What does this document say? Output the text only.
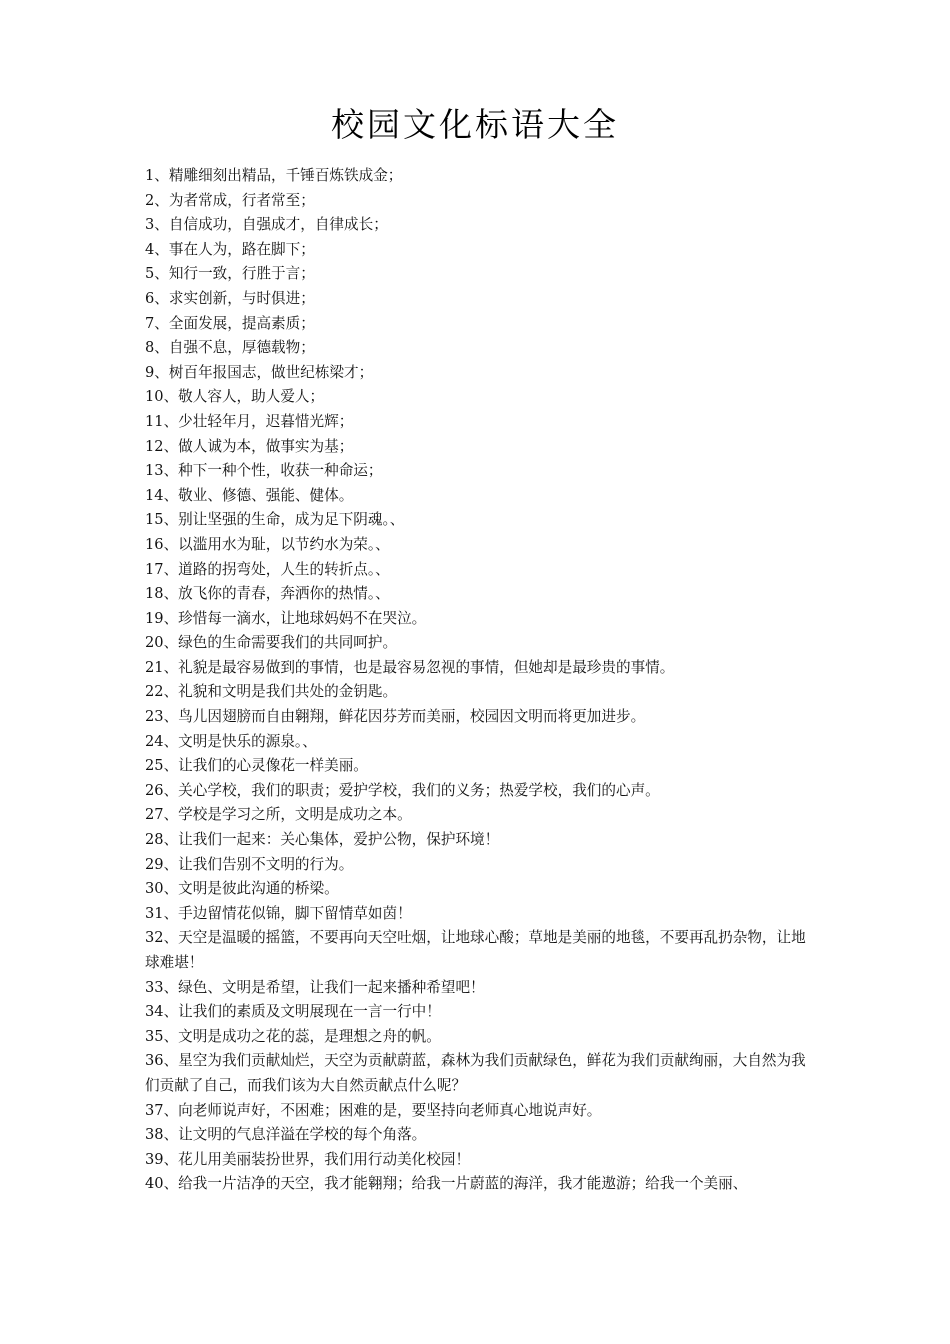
校园文化标语大全
1、精雕细刻出精品，千锤百炼铁成金；
2、为者常成，行者常至；
3、自信成功，自强成才，自律成长；
4、事在人为，路在脚下；
5、知行一致，行胜于言；
6、求实创新，与时俱进；
7、全面发展，提高素质；
8、自强不息，厚德载物；
9、树百年报国志，做世纪栋梁才；
10、敬人容人，助人爱人；
11、少壮轻年月，迟暮惜光辉；
12、做人诚为本，做事实为基；
13、种下一种个性，收获一种命运；
14、敬业、修德、强能、健体。
15、别让坚强的生命，成为足下阴魂。、
16、以滥用水为耻，以节约水为荣。、
17、道路的拐弯处，人生的转折点。、
18、放飞你的青春，奔洒你的热情。、
19、珍惜每一滴水，让地球妈妈不在哭泣。
20、绿色的生命需要我们的共同呵护。
21、礼貌是最容易做到的事情，也是最容易忽视的事情，但她却是最珍贵的事情。
22、礼貌和文明是我们共处的金钥匙。
23、鸟儿因翅膀而自由翱翔，鲜花因芬芳而美丽，校园因文明而将更加进步。
24、文明是快乐的源泉。、
25、让我们的心灵像花一样美丽。
26、关心学校，我们的职责；爱护学校，我们的义务；热爱学校，我们的心声。
27、学校是学习之所，文明是成功之本。
28、让我们一起来：关心集体，爱护公物，保护环境！
29、让我们告别不文明的行为。
30、文明是彼此沟通的桥梁。
31、手边留情花似锦，脚下留情草如茵！
32、天空是温暖的摇篮，不要再向天空吐烟，让地球心酸；草地是美丽的地毯，不要再乱扔杂物，让地球难堪！
33、绿色、文明是希望，让我们一起来播种希望吧！
34、让我们的素质及文明展现在一言一行中！
35、文明是成功之花的蕊，是理想之舟的帆。
36、星空为我们贡献灿烂，天空为贡献蔚蓝，森林为我们贡献绿色，鲜花为我们贡献绚丽，大自然为我们贡献了自己，而我们该为大自然贡献点什么呢？
37、向老师说声好，不困难；困难的是，要坚持向老师真心地说声好。
38、让文明的气息洋溢在学校的每个角落。
39、花儿用美丽装扮世界，我们用行动美化校园！
40、给我一片洁净的天空，我才能翱翔；给我一片蔚蓝的海洋，我才能遨游；给我一个美丽、
